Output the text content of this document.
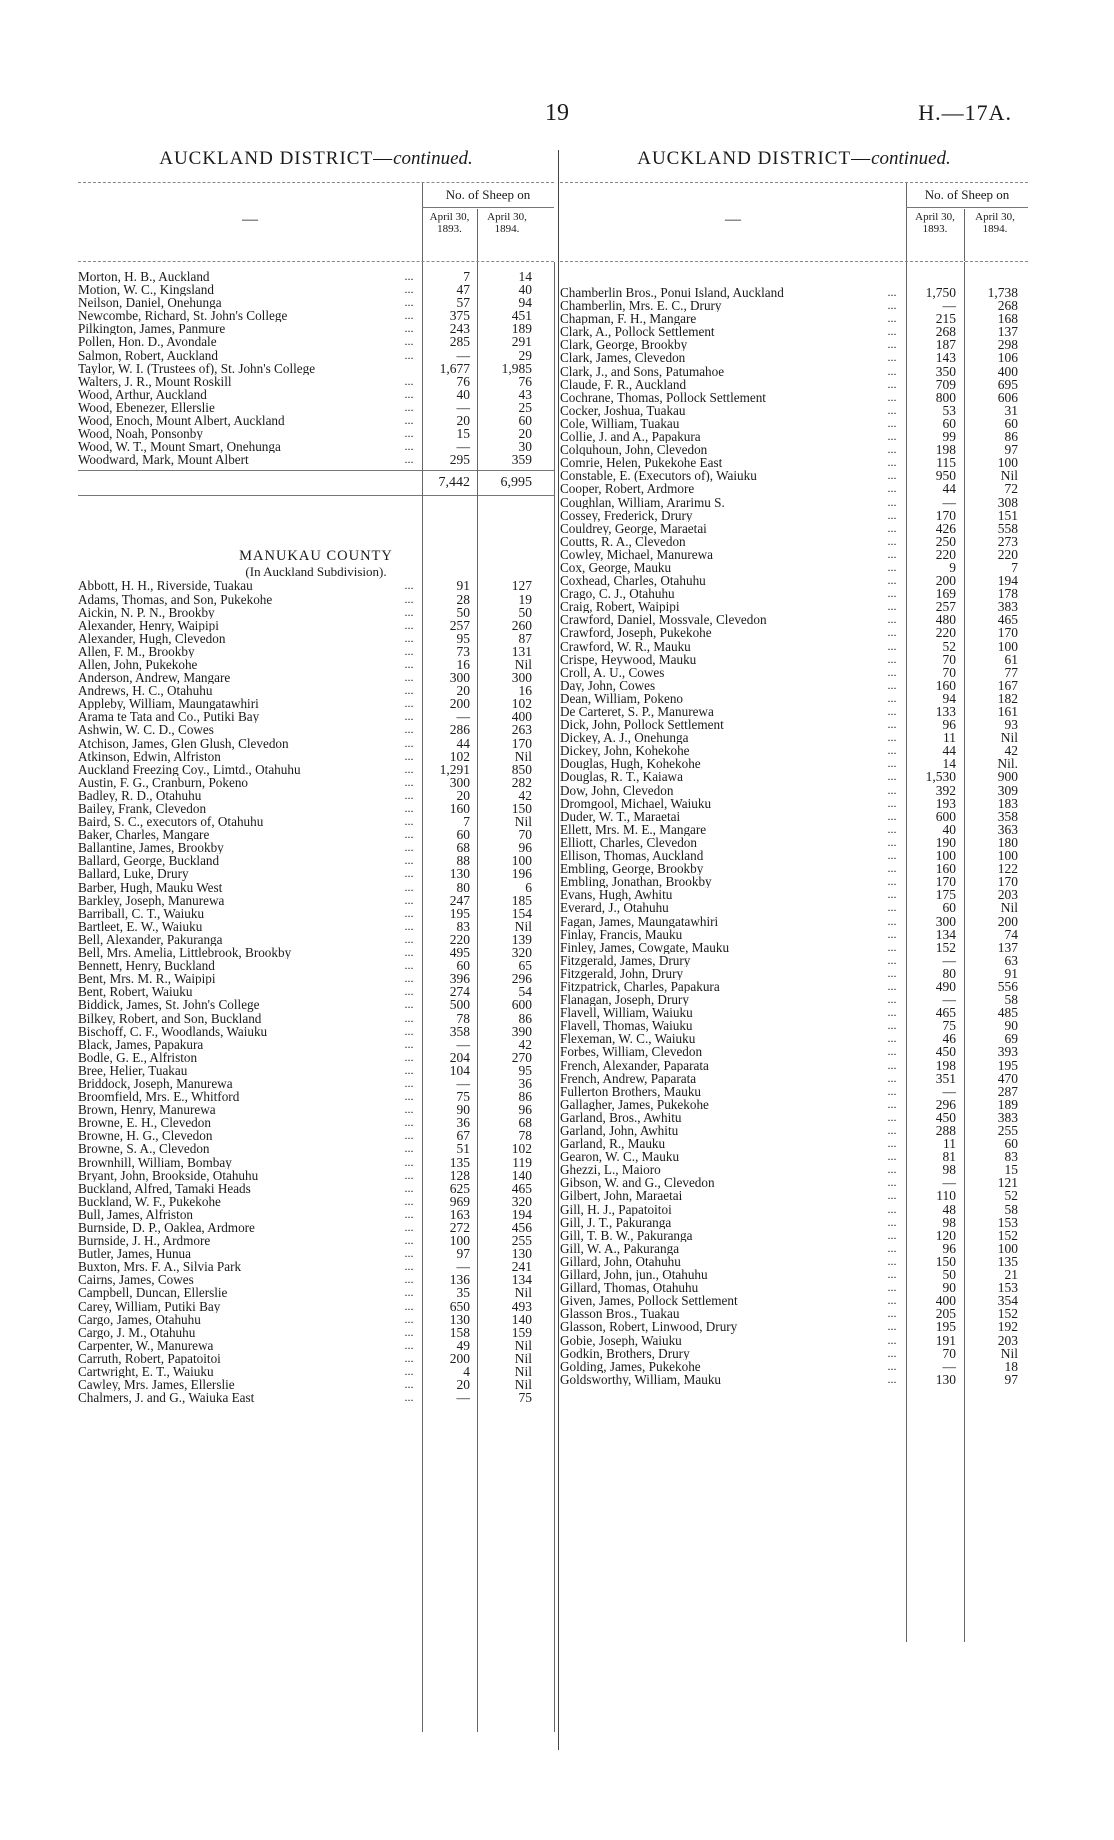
19	H.—17A.
AUCKLAND DISTRICT—continued.
—
No. of Sheep on
April 30,
1893.
April 30,
1894.
Morton, H. B., Auckland	...	7	14
Motion, W. C., Kingsland	...	47	40
Neilson, Daniel, Onehunga	...	57	94
Newcombe, Richard, St. John's College	...	375	451
Pilkington, James, Panmure	...	243	189
Pollen, Hon. D., Avondale	...	285	291
Salmon, Robert, Auckland	...	—	29
Taylor, W. I. (Trustees of), St. John's College	1,677	1,985
Walters, J. R., Mount Roskill	...	76	76
Wood, Arthur, Auckland	...	40	43
Wood, Ebenezer, Ellerslie	...	—	25
Wood, Enoch, Mount Albert, Auckland	...	20	60
Wood, Noah, Ponsonby	...	15	20
Wood, W. T., Mount Smart, Onehunga	...	—	30
Woodward, Mark, Mount Albert	...	295	359
7,442	6,995
MANUKAU COUNTY
(In Auckland Subdivision).
Abbott, H. H., Riverside, Tuakau	...	91	127
Adams, Thomas, and Son, Pukekohe	...	28	19
Aickin, N. P. N., Brookby	...	50	50
Alexander, Henry, Waipipi	...	257	260
Alexander, Hugh, Clevedon	...	95	87
Allen, F. M., Brookby	...	73	131
Allen, John, Pukekohe	...	16	Nil
Anderson, Andrew, Mangare	...	300	300
Andrews, H. C., Otahuhu	...	20	16
Appleby, William, Maungatawhiri	...	200	102
Arama te Tata and Co., Putiki Bay	...	—	400
Ashwin, W. C. D., Cowes	...	286	263
Atchison, James, Glen Glush, Clevedon	...	44	170
Atkinson, Edwin, Alfriston	...	102	Nil
Auckland Freezing Coy., Limtd., Otahuhu	...	1,291	850
Austin, F. G., Cranburn, Pokeno	...	300	282
Badley, R. D., Otahuhu	...	20	42
Bailey, Frank, Clevedon	...	160	150
Baird, S. C., executors of, Otahuhu	...	7	Nil
Baker, Charles, Mangare	...	60	70
Ballantine, James, Brookby	...	68	96
Ballard, George, Buckland	...	88	100
Ballard, Luke, Drury	...	130	196
Barber, Hugh, Mauku West	...	80	6
Barkley, Joseph, Manurewa	...	247	185
Barriball, C. T., Waiuku	...	195	154
Bartleet, E. W., Waiuku	...	83	Nil
Bell, Alexander, Pakuranga	...	220	139
Bell, Mrs. Amelia, Littlebrook, Brookby	...	495	320
Bennett, Henry, Buckland	...	60	65
Bent, Mrs. M. R., Waipipi	...	396	296
Bent, Robert, Waiuku	...	274	54
Biddick, James, St. John's College	...	500	600
Bilkey, Robert, and Son, Buckland	...	78	86
Bischoff, C. F., Woodlands, Waiuku	...	358	390
Black, James, Papakura	...	—	42
Bodle, G. E., Alfriston	...	204	270
Bree, Helier, Tuakau	...	104	95
Briddock, Joseph, Manurewa	...	—	36
Broomfield, Mrs. E., Whitford	...	75	86
Brown, Henry, Manurewa	...	90	96
Browne, E. H., Clevedon	...	36	68
Browne, H. G., Clevedon	...	67	78
Browne, S. A., Clevedon	...	51	102
Brownhill, William, Bombay	...	135	119
Bryant, John, Brookside, Otahuhu	...	128	140
Buckland, Alfred, Tamaki Heads	...	625	465
Buckland, W. F., Pukekohe	...	969	320
Bull, James, Alfriston	...	163	194
Burnside, D. P., Oaklea, Ardmore	...	272	456
Burnside, J. H., Ardmore	...	100	255
Butler, James, Hunua	...	97	130
Buxton, Mrs. F. A., Silvia Park	...	—	241
Cairns, James, Cowes	...	136	134
Campbell, Duncan, Ellerslie	...	35	Nil
Carey, William, Putiki Bay	...	650	493
Cargo, James, Otahuhu	...	130	140
Cargo, J. M., Otahuhu	...	158	159
Carpenter, W., Manurewa	...	49	Nil
Carruth, Robert, Papatoitoi	...	200	Nil
Cartwright, E. T., Waiuku	...	4	Nil
Cawley, Mrs. James, Ellerslie	...	20	Nil
Chalmers, J. and G., Waiuka East	...	—	75
AUCKLAND DISTRICT—continued.
—
No. of Sheep on
April 30,
1893.
April 30,
1894.
Chamberlin Bros., Ponui Island, Auckland	...	1,750	1,738
Chamberlin, Mrs. E. C., Drury	...	—	268
Chapman, F. H., Mangare	...	215	168
Clark, A., Pollock Settlement	...	268	137
Clark, George, Brookby	...	187	298
Clark, James, Clevedon	...	143	106
Clark, J., and Sons, Patumahoe	...	350	400
Claude, F. R., Auckland	...	709	695
Cochrane, Thomas, Pollock Settlement	...	800	606
Cocker, Joshua, Tuakau	...	53	31
Cole, William, Tuakau	...	60	60
Collie, J. and A., Papakura	...	99	86
Colquhoun, John, Clevedon	...	198	97
Comrie, Helen, Pukekohe East	...	115	100
Constable, E. (Executors of), Waiuku	...	950	Nil
Cooper, Robert, Ardmore	...	44	72
Coughlan, William, Ararimu S.	...	—	308
Cossey, Frederick, Drury	...	170	151
Couldrey, George, Maraetai	...	426	558
Coutts, R. A., Clevedon	...	250	273
Cowley, Michael, Manurewa	...	220	220
Cox, George, Mauku	...	9	7
Coxhead, Charles, Otahuhu	...	200	194
Crago, C. J., Otahuhu	...	169	178
Craig, Robert, Waipipi	...	257	383
Crawford, Daniel, Mossvale, Clevedon	...	480	465
Crawford, Joseph, Pukekohe	...	220	170
Crawford, W. R., Mauku	...	52	100
Crispe, Heywood, Mauku	...	70	61
Croll, A. U., Cowes	...	70	77
Day, John, Cowes	...	160	167
Dean, William, Pokeno	...	94	182
De Carteret, S. P., Manurewa	...	133	161
Dick, John, Pollock Settlement	...	96	93
Dickey, A. J., Onehunga	...	11	Nil
Dickey, John, Kohekohe	...	44	42
Douglas, Hugh, Kohekohe	...	14	Nil.
Douglas, R. T., Kaiawa	...	1,530	900
Dow, John, Clevedon	...	392	309
Dromgool, Michael, Waiuku	...	193	183
Duder, W. T., Maraetai	...	600	358
Ellett, Mrs. M. E., Mangare	...	40	363
Elliott, Charles, Clevedon	...	190	180
Ellison, Thomas, Auckland	...	100	100
Embling, George, Brookby	...	160	122
Embling, Jonathan, Brookby	...	170	170
Evans, Hugh, Awhitu	...	175	203
Everard, J., Otahuhu	...	60	Nil
Fagan, James, Maungatawhiri	...	300	200
Finlay, Francis, Mauku	...	134	74
Finley, James, Cowgate, Mauku	...	152	137
Fitzgerald, James, Drury	...	—	63
Fitzgerald, John, Drury	...	80	91
Fitzpatrick, Charles, Papakura	...	490	556
Flanagan, Joseph, Drury	...	—	58
Flavell, William, Waiuku	...	465	485
Flavell, Thomas, Waiuku	...	75	90
Flexeman, W. C., Waiuku	...	46	69
Forbes, William, Clevedon	...	450	393
French, Alexander, Paparata	...	198	195
French, Andrew, Paparata	...	351	470
Fullerton Brothers, Mauku	...	—	287
Gallagher, James, Pukekohe	...	296	189
Garland, Bros., Awhitu	...	450	383
Garland, John, Awhitu	...	288	255
Garland, R., Mauku	...	11	60
Gearon, W. C., Mauku	...	81	83
Ghezzi, L., Maioro	...	98	15
Gibson, W. and G., Clevedon	...	—	121
Gilbert, John, Maraetai	...	110	52
Gill, H. J., Papatoitoi	...	48	58
Gill, J. T., Pakuranga	...	98	153
Gill, T. B. W., Pakuranga	...	120	152
Gill, W. A., Pakuranga	...	96	100
Gillard, John, Otahuhu	...	150	135
Gillard, John, jun., Otahuhu	...	50	21
Gillard, Thomas, Otahuhu	...	90	153
Given, James, Pollock Settlement	...	400	354
Glasson Bros., Tuakau	...	205	152
Glasson, Robert, Linwood, Drury	...	195	192
Gobie, Joseph, Waiuku	...	191	203
Godkin, Brothers, Drury	...	70	Nil
Golding, James, Pukekohe	...	—	18
Goldsworthy, William, Mauku	...	130	97
